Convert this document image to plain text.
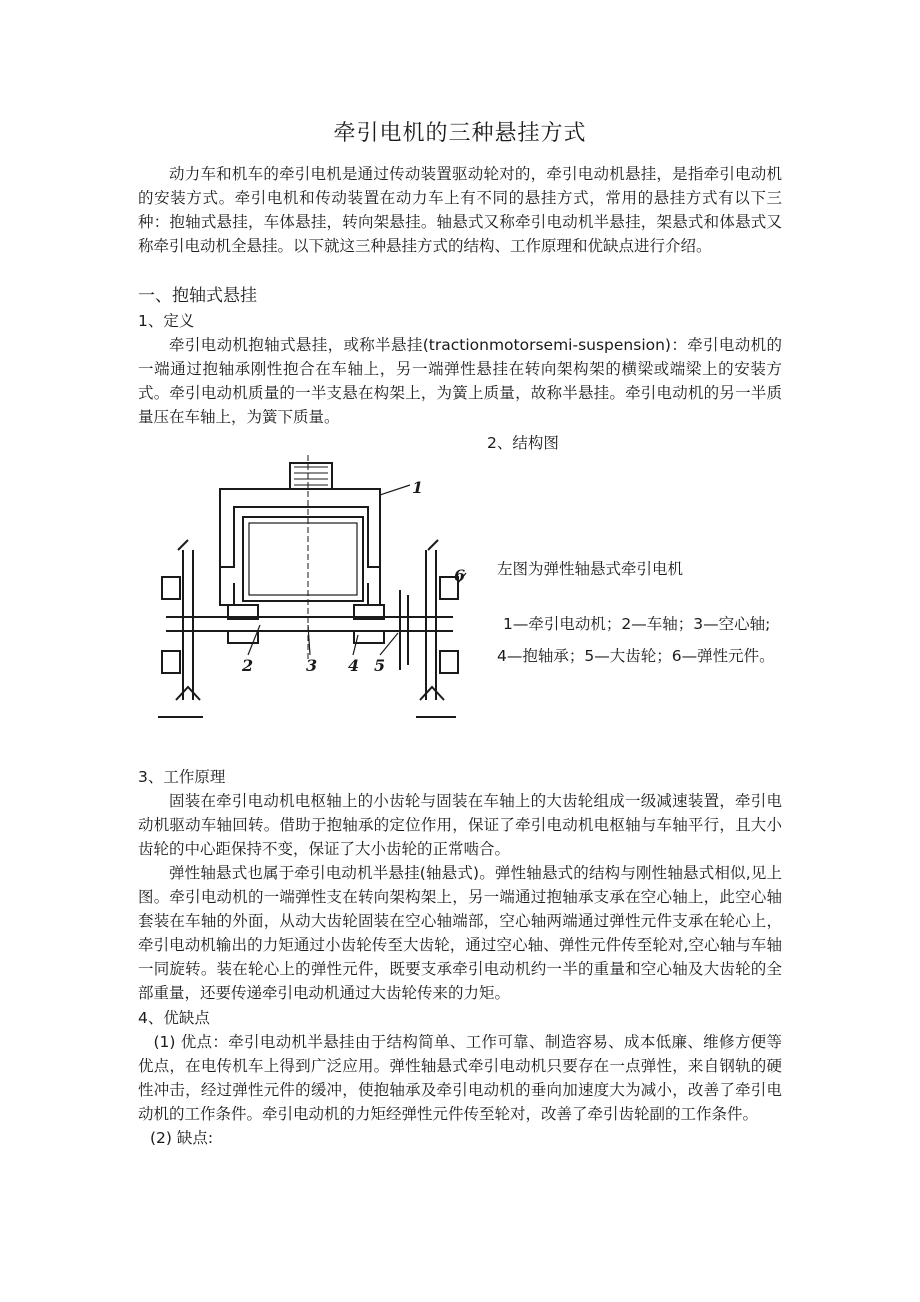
牵引电机的三种悬挂方式

动力车和机车的牵引电机是通过传动装置驱动轮对的，牵引电动机悬挂，是指牵引电动机的安装方式。牵引电机和传动装置在动力车上有不同的悬挂方式，常用的悬挂方式有以下三种：抱轴式悬挂，车体悬挂，转向架悬挂。轴悬式又称牵引电动机半悬挂，架悬式和体悬式又称牵引电动机全悬挂。以下就这三种悬挂方式的结构、工作原理和优缺点进行介绍。

一、抱轴式悬挂
1、定义

牵引电动机抱轴式悬挂，或称半悬挂(tractionmotorsemi-suspension)：牵引电动机的一端通过抱轴承刚性抱合在车轴上，另一端弹性悬挂在转向架构架的横梁或端梁上的安装方式。牵引电动机质量的一半支悬在构架上，为簧上质量，故称半悬挂。牵引电动机的另一半质量压在车轴上，为簧下质量。

2、结构图
1
2	3 4 5
6 左图为弹性轴悬式牵引电机
1—牵引电动机；2—车轴；3—空心轴;
4—抱轴承；5—大齿轮；6—弹性元件。
3、工作原理

固装在牵引电动机电枢轴上的小齿轮与固装在车轴上的大齿轮组成一级减速装置，牵引电动机驱动车轴回转。借助于抱轴承的定位作用，保证了牵引电动机电枢轴与车轴平行，且大小齿轮的中心距保持不变，保证了大小齿轮的正常啮合。

弹性轴悬式也属于牵引电动机半悬挂(轴悬式)。弹性轴悬式的结构与刚性轴悬式相似,见上图。牵引电动机的一端弹性支在转向架构架上，另一端通过抱轴承支承在空心轴上，此空心轴套装在车轴的外面，从动大齿轮固装在空心轴端部，空心轴两端通过弹性元件支承在轮心上，牵引电动机输出的力矩通过小齿轮传至大齿轮，通过空心轴、弹性元件传至轮对,空心轴与车轴一同旋转。装在轮心上的弹性元件，既要支承牵引电动机约一半的重量和空心轴及大齿轮的全部重量，还要传递牵引电动机通过大齿轮传来的力矩。

4、优缺点

(1) 优点：牵引电动机半悬挂由于结构简单、工作可靠、制造容易、成本低廉、维修方便等优点，在电传机车上得到广泛应用。弹性轴悬式牵引电动机只要存在一点弹性，来自钢轨的硬性冲击，经过弹性元件的缓冲，使抱轴承及牵引电动机的垂向加速度大为减小，改善了牵引电动机的工作条件。牵引电动机的力矩经弹性元件传至轮对，改善了牵引齿轮副的工作条件。

(2) 缺点:
